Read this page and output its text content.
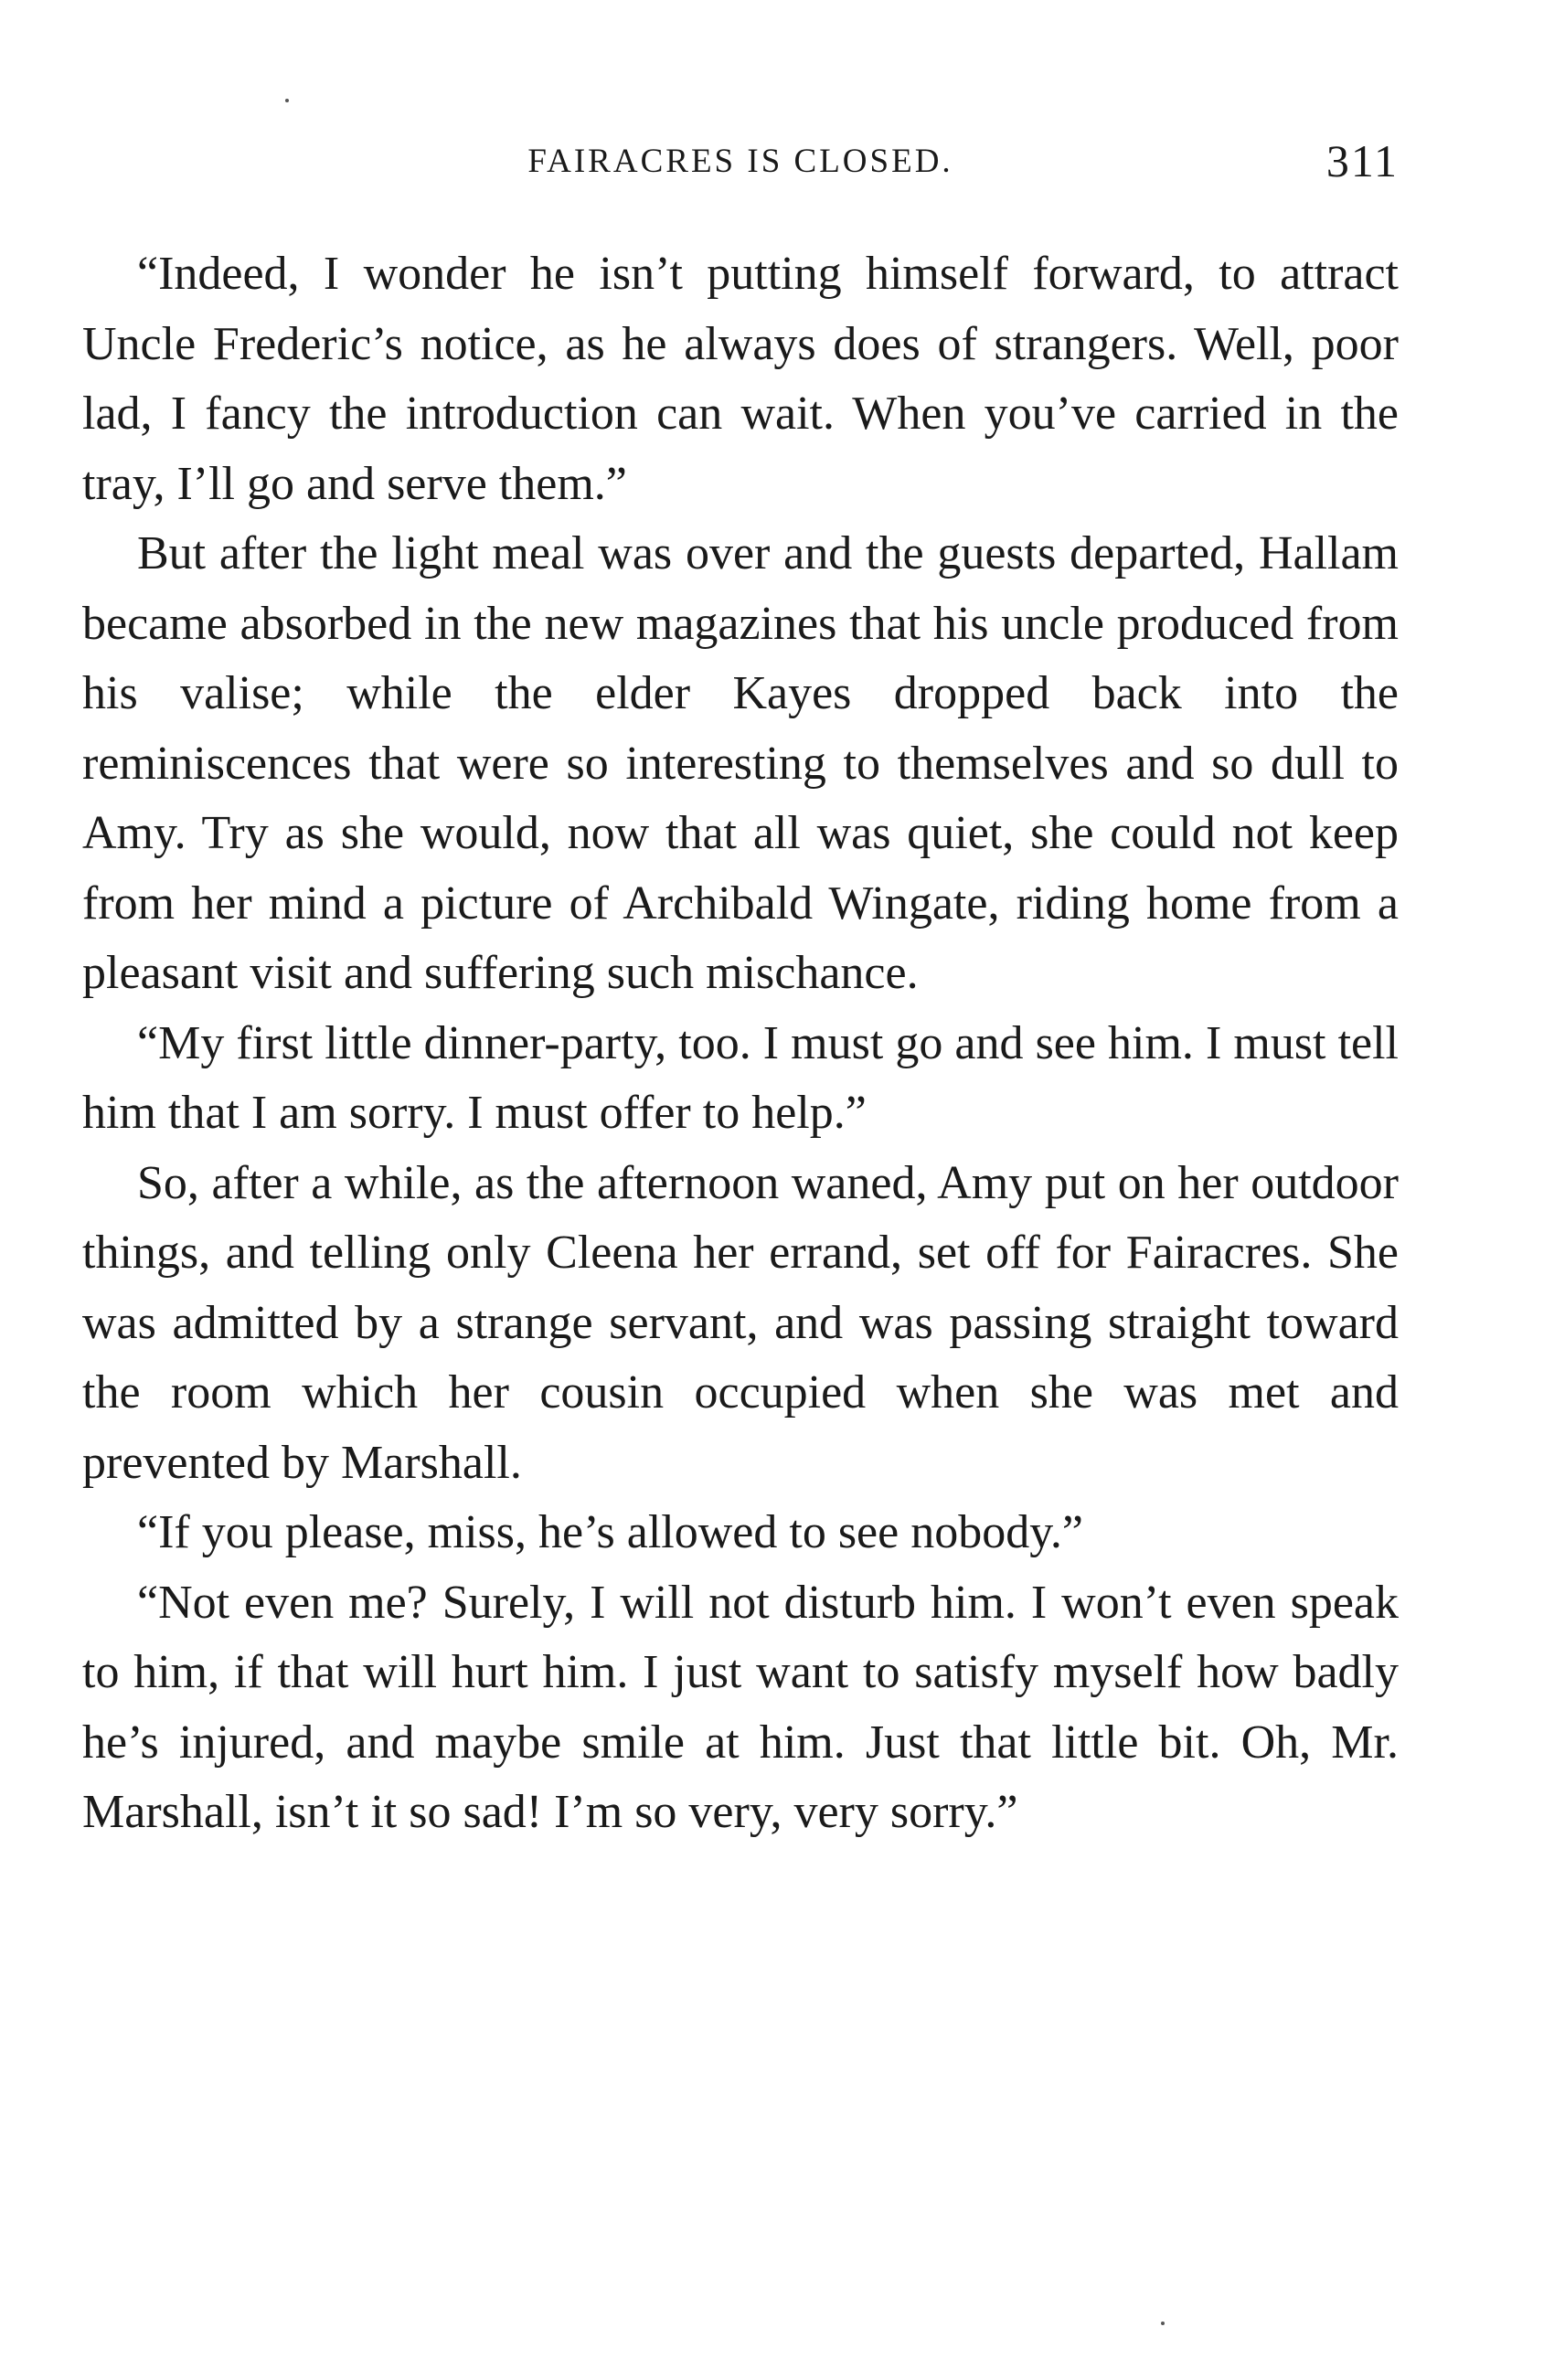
FAIRACRES IS CLOSED.	311

“Indeed, I wonder he isn’t putting himself forward, to attract Uncle Frederic’s notice, as he always does of strangers. Well, poor lad, I fancy the introduction can wait. When you’ve carried in the tray, I’ll go and serve them.”

But after the light meal was over and the guests departed, Hallam became absorbed in the new magazines that his uncle produced from his valise; while the elder Kayes dropped back into the reminiscences that were so interesting to themselves and so dull to Amy. Try as she would, now that all was quiet, she could not keep from her mind a picture of Archibald Wingate, riding home from a pleasant visit and suffering such mischance.

“My first little dinner-party, too. I must go and see him. I must tell him that I am sorry. I must offer to help.”

So, after a while, as the afternoon waned, Amy put on her outdoor things, and telling only Cleena her errand, set off for Fairacres. She was admitted by a strange servant, and was passing straight toward the room which her cousin occupied when she was met and prevented by Marshall.

“If you please, miss, he’s allowed to see nobody.”

“Not even me? Surely, I will not disturb him. I won’t even speak to him, if that will hurt him. I just want to satisfy myself how badly he’s injured, and maybe smile at him. Just that little bit. Oh, Mr. Marshall, isn’t it so sad! I’m so very, very sorry.”
